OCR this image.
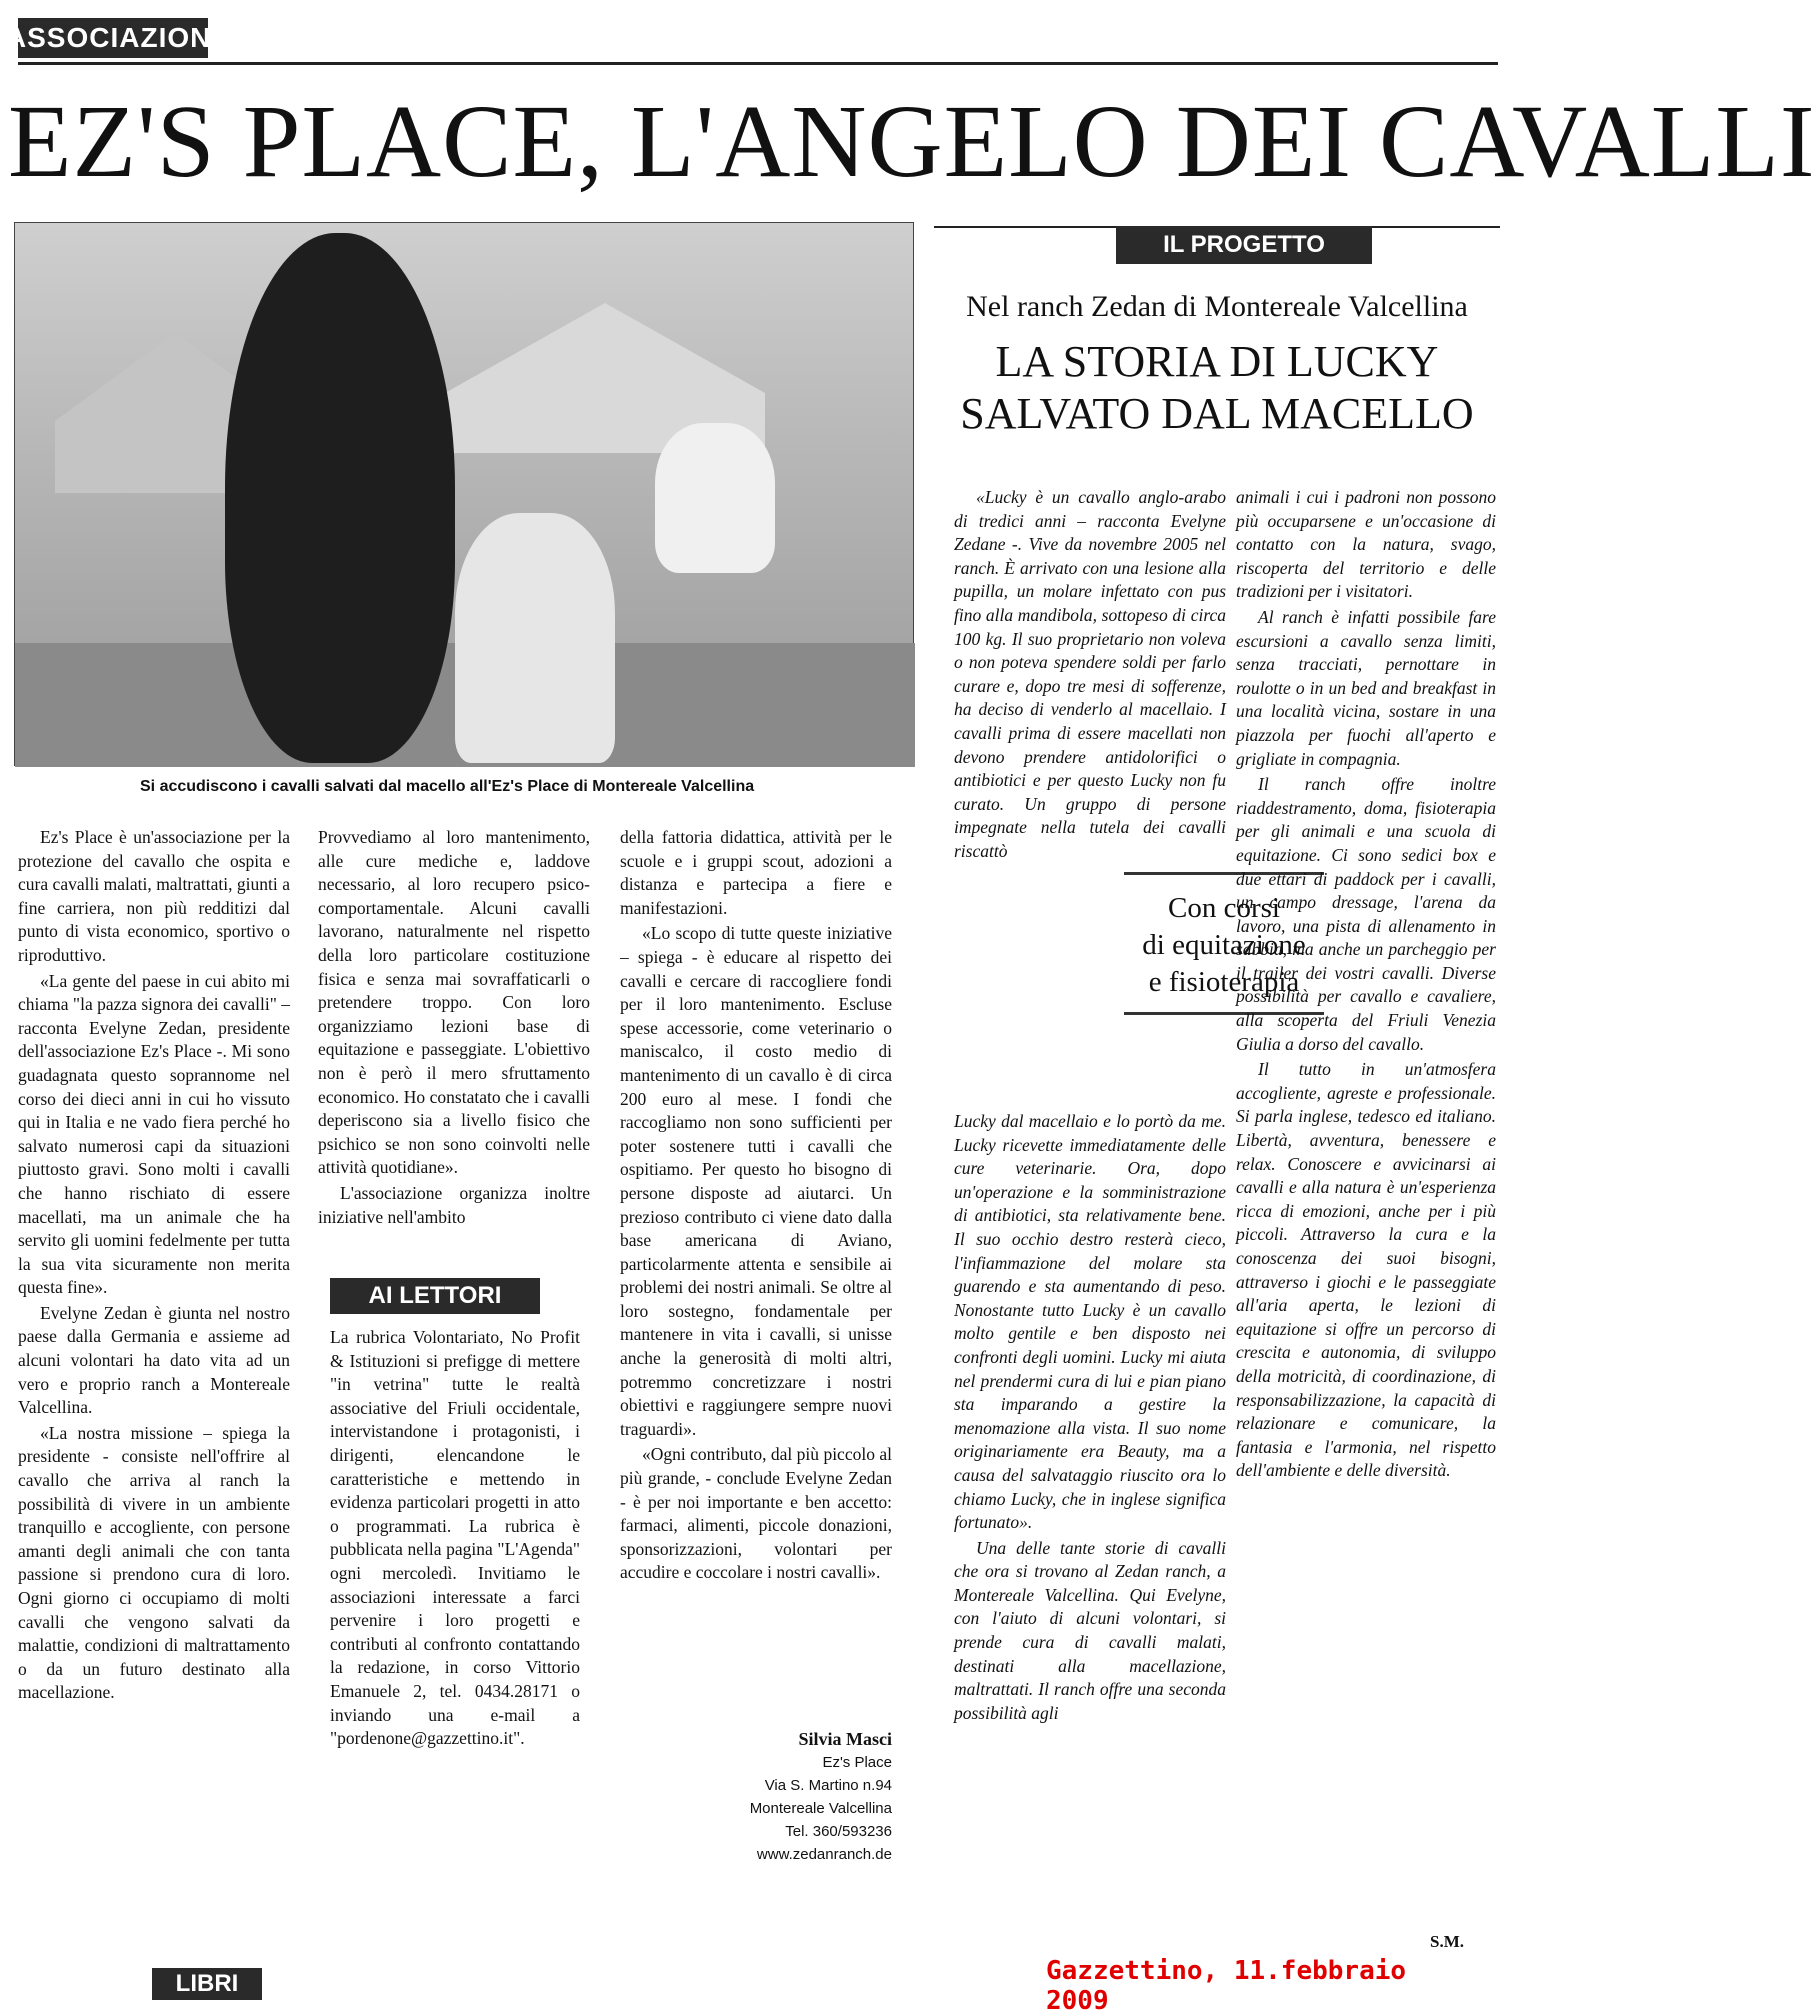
ASSOCIAZIONI
EZ'S PLACE, L'ANGELO DEI CAVALLI
Si accudiscono i cavalli salvati dal macello all'Ez's Place di Montereale Valcellina

Ez's Place è un'associazione per la protezione del cavallo che ospita e cura cavalli malati, maltrattati, giunti a fine carriera, non più redditizi dal punto di vista economico, sportivo o riproduttivo.

«La gente del paese in cui abito mi chiama "la pazza signora dei cavalli" – racconta Evelyne Zedan, presidente dell'associazione Ez's Place -. Mi sono guadagnata questo soprannome nel corso dei dieci anni in cui ho vissuto qui in Italia e ne vado fiera perché ho salvato numerosi capi da situazioni piuttosto gravi. Sono molti i cavalli che hanno rischiato di essere macellati, ma un animale che ha servito gli uomini fedelmente per tutta la sua vita sicuramente non merita questa fine».

Evelyne Zedan è giunta nel nostro paese dalla Germania e assieme ad alcuni volontari ha dato vita ad un vero e proprio ranch a Montereale Valcellina.

«La nostra missione – spiega la presidente - consiste nell'offrire al cavallo che arriva al ranch la possibilità di vivere in un ambiente tranquillo e accogliente, con persone amanti degli animali che con tanta passione si prendono cura di loro. Ogni giorno ci occupiamo di molti cavalli che vengono salvati da malattie, condizioni di maltrattamento o da un futuro destinato alla macellazione.

Provvediamo al loro mantenimento, alle cure mediche e, laddove necessario, al loro recupero psico-comportamentale. Alcuni cavalli lavorano, naturalmente nel rispetto della loro particolare costituzione fisica e senza mai sovraffaticarli o pretendere troppo. Con loro organizziamo lezioni base di equitazione e passeggiate. L'obiettivo non è però il mero sfruttamento economico. Ho constatato che i cavalli deperiscono sia a livello fisico che psichico se non sono coinvolti nelle attività quotidiane».

L'associazione organizza inoltre iniziative nell'ambito

AI LETTORI
La rubrica Volontariato, No Profit & Istituzioni si prefigge di mettere "in vetrina" tutte le realtà associative del Friuli occidentale, intervistandone i protagonisti, i dirigenti, elencandone le caratteristiche e mettendo in evidenza particolari progetti in atto o programmati. La rubrica è pubblicata nella pagina "L'Agenda" ogni mercoledì. Invitiamo le associazioni interessate a farci pervenire i loro progetti e contributi al confronto contattando la redazione, in corso Vittorio Emanuele 2, tel. 0434.28171 o inviando una e-mail a "pordenone@gazzettino.it".

della fattoria didattica, attività per le scuole e i gruppi scout, adozioni a distanza e partecipa a fiere e manifestazioni.

«Lo scopo di tutte queste iniziative – spiega - è educare al rispetto dei cavalli e cercare di raccogliere fondi per il loro mantenimento. Escluse spese accessorie, come veterinario o maniscalco, il costo medio di mantenimento di un cavallo è di circa 200 euro al mese. I fondi che raccogliamo non sono sufficienti per poter sostenere tutti i cavalli che ospitiamo. Per questo ho bisogno di persone disposte ad aiutarci. Un prezioso contributo ci viene dato dalla base americana di Aviano, particolarmente attenta e sensibile ai problemi dei nostri animali. Se oltre al loro sostegno, fondamentale per mantenere in vita i cavalli, si unisse anche la generosità di molti altri, potremmo concretizzare i nostri obiettivi e raggiungere sempre nuovi traguardi».

«Ogni contributo, dal più piccolo al più grande, - conclude Evelyne Zedan - è per noi importante e ben accetto: farmaci, alimenti, piccole donazioni, sponsorizzazioni, volontari per accudire e coccolare i nostri cavalli».

Silvia Masci
Ez's Place
Via S. Martino n.94
Montereale Valcellina
Tel. 360/593236
www.zedanranch.de
IL PROGETTO
Nel ranch Zedan di Montereale Valcellina
LA STORIA DI LUCKY
SALVATO DAL MACELLO

«Lucky è un cavallo anglo-arabo di tredici anni – racconta Evelyne Zedane -. Vive da novembre 2005 nel ranch. È arrivato con una lesione alla pupilla, un molare infettato con pus fino alla mandibola, sottopeso di circa 100 kg. Il suo proprietario non voleva o non poteva spendere soldi per farlo curare e, dopo tre mesi di sofferenze, ha deciso di venderlo al macellaio. I cavalli prima di essere macellati non devono prendere antidolorifici o antibiotici e per questo Lucky non fu curato. Un gruppo di persone impegnate nella tutela dei cavalli riscattò

Con corsi
di equitazione
e fisioterapia

Lucky dal macellaio e lo portò da me. Lucky ricevette immediatamente delle cure veterinarie. Ora, dopo un'operazione e la somministrazione di antibiotici, sta relativamente bene. Il suo occhio destro resterà cieco, l'infiammazione del molare sta guarendo e sta aumentando di peso. Nonostante tutto Lucky è un cavallo molto gentile e ben disposto nei confronti degli uomini. Lucky mi aiuta nel prendermi cura di lui e pian piano sta imparando a gestire la menomazione alla vista. Il suo nome originariamente era Beauty, ma a causa del salvataggio riuscito ora lo chiamo Lucky, che in inglese significa fortunato».

Una delle tante storie di cavalli che ora si trovano al Zedan ranch, a Montereale Valcellina. Qui Evelyne, con l'aiuto di alcuni volontari, si prende cura di cavalli malati, destinati alla macellazione, maltrattati. Il ranch offre una seconda possibilità agli

animali i cui i padroni non possono più occuparsene e un'occasione di contatto con la natura, svago, riscoperta del territorio e delle tradizioni per i visitatori.

Al ranch è infatti possibile fare escursioni a cavallo senza limiti, senza tracciati, pernottare in roulotte o in un bed and breakfast in una località vicina, sostare in una piazzola per fuochi all'aperto e grigliate in compagnia.

Il ranch offre inoltre riaddestramento, doma, fisioterapia per gli animali e una scuola di equitazione. Ci sono sedici box e due ettari di paddock per i cavalli, un campo dressage, l'arena da lavoro, una pista di allenamento in sabbia, ma anche un parcheggio per il trailer dei vostri cavalli. Diverse possibilità per cavallo e cavaliere, alla scoperta del Friuli Venezia Giulia a dorso del cavallo.

Il tutto in un'atmosfera accogliente, agreste e professionale. Si parla inglese, tedesco ed italiano. Libertà, avventura, benessere e relax. Conoscere e avvicinarsi ai cavalli e alla natura è un'esperienza ricca di emozioni, anche per i più piccoli. Attraverso la cura e la conoscenza dei suoi bisogni, attraverso i giochi e le passeggiate all'aria aperta, le lezioni di equitazione si offre un percorso di crescita e autonomia, di sviluppo della motricità, di coordinazione, di responsabilizzazione, la capacità di relazionare e comunicare, la fantasia e l'armonia, nel rispetto dell'ambiente e delle diversità.

S.M.
LIBRI	Gazzettino, 11.febbraio 2009
